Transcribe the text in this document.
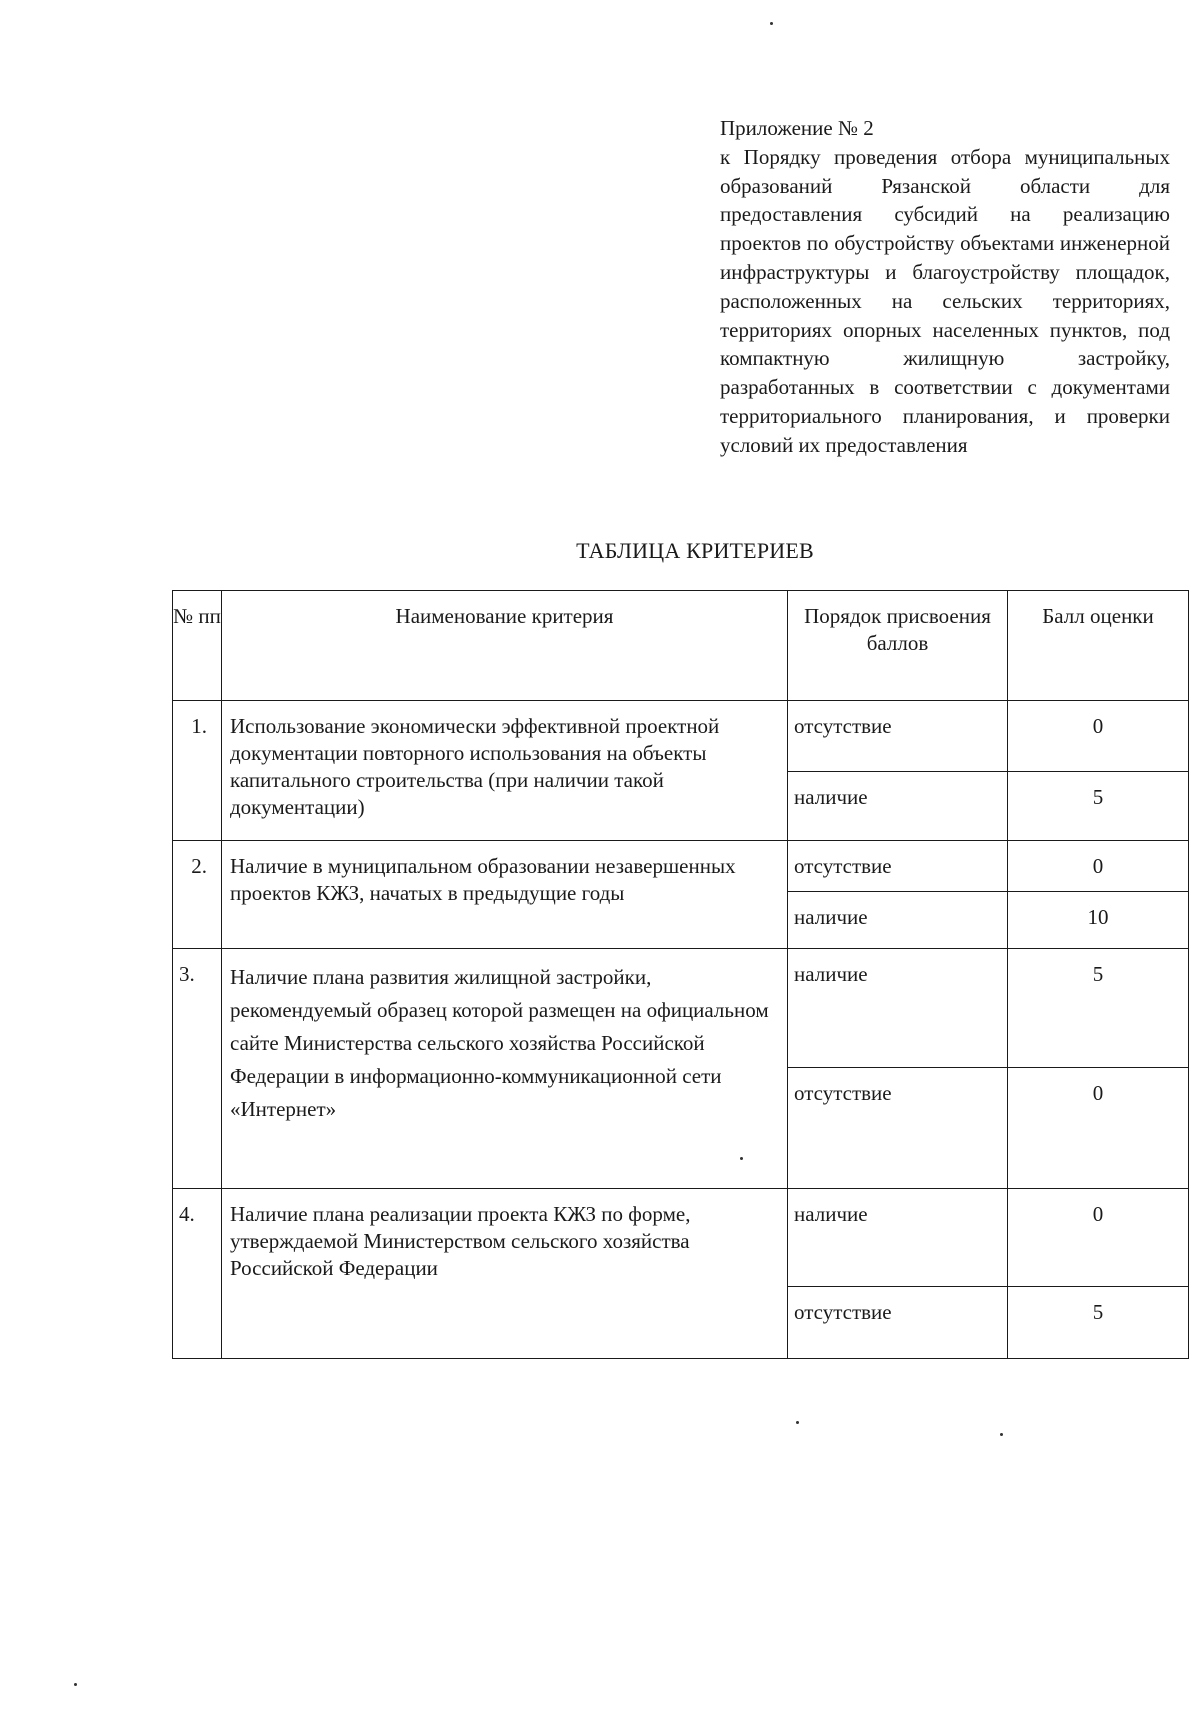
Приложение № 2
к Порядку проведения отбора муниципальных образований Рязанской области для предоставления субсидий на реализацию проектов по обустройству объектами инженерной инфраструктуры и благоустройству площадок, расположенных на сельских территориях, территориях опорных населенных пунктов, под компактную жилищную застройку, разработанных в соответствии с документами территориального планирования, и проверки условий их предоставления
ТАБЛИЦА КРИТЕРИЕВ
№ пп	Наименование критерия	Порядок присвоения баллов	Балл оценки
1.	Использование экономически эффективной проектной документации повторного использования на объекты капитального строительства (при наличии такой документации)	отсутствие	0
		наличие	5
2.	Наличие в муниципальном образовании незавершенных проектов КЖЗ, начатых в предыдущие годы	отсутствие	0
		наличие	10
3.	Наличие плана развития жилищной застройки, рекомендуемый образец которой размещен на официальном сайте Министерства сельского хозяйства Российской Федерации в информационно-коммуникационной сети «Интернет»	наличие	5
		отсутствие	0
4.	Наличие плана реализации проекта КЖЗ по форме, утверждаемой Министерством сельского хозяйства Российской Федерации	наличие	0
		отсутствие	5
